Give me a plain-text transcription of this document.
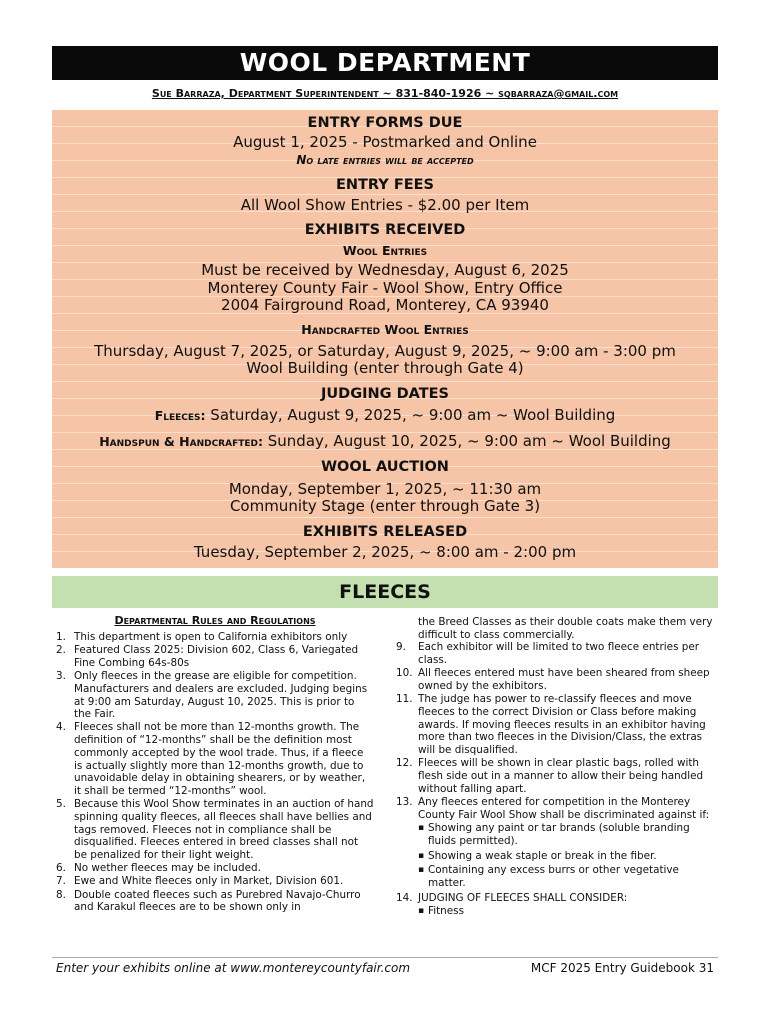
WOOL DEPARTMENT
Sue Barraza, Department Superintendent ~ 831-840-1926 ~ sqbarraza@gmail.com
ENTRY FORMS DUE
August 1, 2025 - Postmarked and Online
No late entries will be accepted
ENTRY FEES
All Wool Show Entries - $2.00 per Item
EXHIBITS RECEIVED
Wool Entries
Must be received by Wednesday, August 6, 2025
Monterey County Fair - Wool Show, Entry Office
2004 Fairground Road, Monterey, CA 93940
Handcrafted Wool Entries
Thursday, August 7, 2025, or Saturday, August 9, 2025, ~ 9:00 am - 3:00 pm
Wool Building (enter through Gate 4)
JUDGING DATES
Fleeces: Saturday, August 9, 2025, ~ 9:00 am ~ Wool Building
Handspun & Handcrafted: Sunday, August 10, 2025, ~ 9:00 am ~ Wool Building
WOOL AUCTION
Monday, September 1, 2025, ~ 11:30 am
Community Stage (enter through Gate 3)
EXHIBITS RELEASED
Tuesday, September 2, 2025, ~ 8:00 am - 2:00 pm
FLEECES
Departmental Rules and Regulations
1. This department is open to California exhibitors only
2. Featured Class 2025: Division 602, Class 6, Variegated Fine Combing 64s-80s
3. Only fleeces in the grease are eligible for competition. Manufacturers and dealers are excluded. Judging begins at 9:00 am Saturday, August 10, 2025. This is prior to the Fair.
4. Fleeces shall not be more than 12-months growth. The definition of “12-months” shall be the definition most commonly accepted by the wool trade. Thus, if a fleece is actually slightly more than 12-months growth, due to unavoidable delay in obtaining shearers, or by weather, it shall be termed “12-months” wool.
5. Because this Wool Show terminates in an auction of hand spinning quality fleeces, all fleeces shall have bellies and tags removed. Fleeces not in compliance shall be disqualified. Fleeces entered in breed classes shall not be penalized for their light weight.
6. No wether fleeces may be included.
7. Ewe and White fleeces only in Market, Division 601.
8. Double coated fleeces such as Purebred Navajo-Churro and Karakul fleeces are to be shown only in
the Breed Classes as their double coats make them very difficult to class commercially.
9. Each exhibitor will be limited to two fleece entries per class.
10. All fleeces entered must have been sheared from sheep owned by the exhibitors.
11. The judge has power to re-classify fleeces and move fleeces to the correct Division or Class before making awards. If moving fleeces results in an exhibitor having more than two fleeces in the Division/Class, the extras will be disqualified.
12. Fleeces will be shown in clear plastic bags, rolled with flesh side out in a manner to allow their being handled without falling apart.
13. Any fleeces entered for competition in the Monterey County Fair Wool Show shall be discriminated against if:
▪ Showing any paint or tar brands (soluble branding fluids permitted).
▪ Showing a weak staple or break in the fiber.
▪ Containing any excess burrs or other vegetative matter.
14. JUDGING OF FLEECES SHALL CONSIDER:
▪ Fitness
Enter your exhibits online at www.montereycountyfair.com	MCF 2025 Entry Guidebook 31
